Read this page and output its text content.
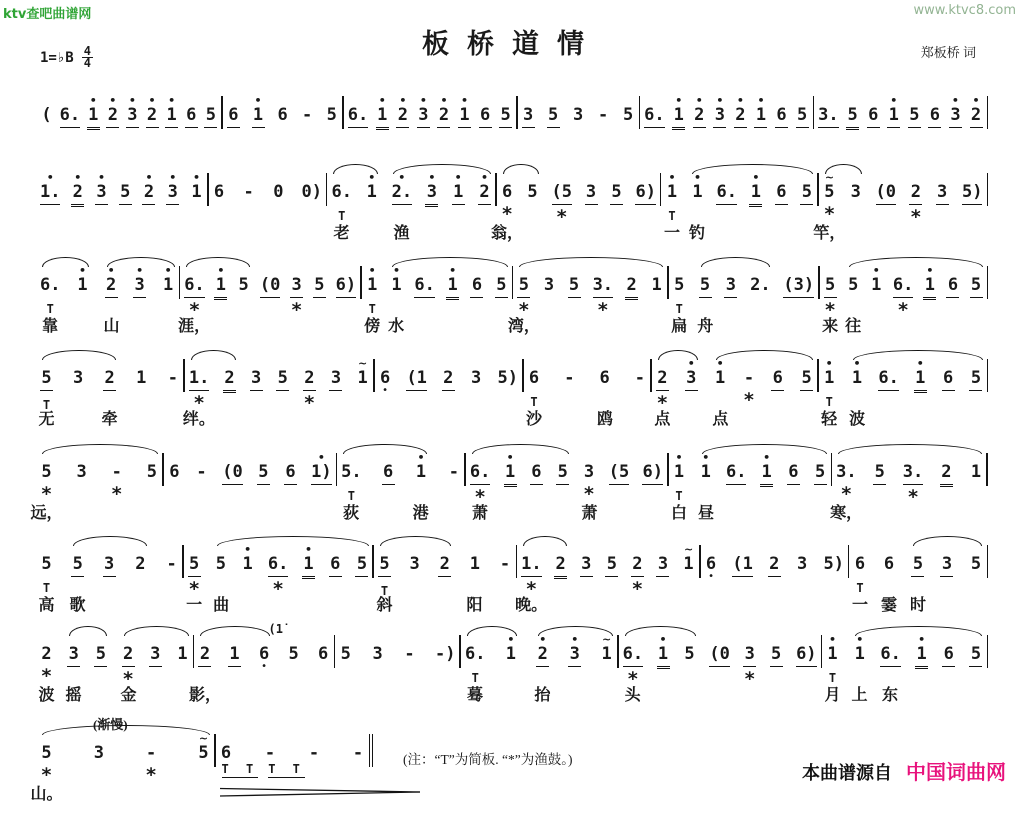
ktv查吧曲谱网	www.ktvc8.com
板桥道情	郑板桥 词
1=♭B $\frac{4}{4}$
( 6.
•
1
•
2
•
3
•
2
•
1 6 5 6
•
1 6 - 5 6.
•
1
•
2
•
3
•
2
•
1 6 5 3 5 3 - 5 6.
•
1
•
2
•
3
•
2
•
1 6 5 3. 5 6
•
1 5 6
•
3
•
2
•
1.
•
2
•
3 5
•
2
•
3
•
1 6 - 0 0) 6.
T
•
1
•
2.
•
3
•
1
•
2
老	渔
6
*
5 (5
*
3 5 6)
翁，
•
1
T
•
1 6.
•
1 6 5
一 钓
~
5
*
3 (0 2
*
3 5)
竿，
6.
T
•
1
•
2
•
3
•
1
靠	山
6.
*
•
1 5 (0 3
*
5 6)
涯，
•
1
T
•
1 6.
•
1 6 5
傍 水
5
*
3 5 3.
*
2 1
湾，
5
T
5 3 2. (3)
扁 舟
5
*
5
•
1 6.
*
•
1 6 5
来 往
5
T
3 2 1 -
无	牵
1.
*
2 3 5 2
*
3
~
1
绊。
6
•
(1 2 3 5) 6
T
- 6 -
沙	鸥
2
*
•
3
•
1 -
*
6 5
点	点
•
1
T
•
1 6.
•
1 6 5
轻 波
5
*
3 -
*
5
远，
6 - (0 5 6
•
1) 5.
T
6
•
1 -
荻	港
6.
*
•
1 6 5 3
*
(5 6)
萧	萧
•
1
T
•
1 6.
•
1 6 5
白 昼
3.
*
5 3.
*
2 1
寒，
5
T
5 3 2 -
高 歌
5
*
5
•
1 6.
*
•
1 6 5
一 曲
5
T
3 2 1 -
斜	阳
1.
*
2 3 5 2
*
3
~
1
晚。
6
•
(1 2 3 5) 6
T
6 5 3 5
一 霎 时
2
*
3 5 2
*
3 1
波 摇 金
2 1 6
•
5 6
影，
(1̇
5 3 - -) 6.
T
•
1
•
2
•
3
~
1
蓦	抬
6.
*
•
1 5 (0 3
*
5 6)
头
•
1
T
•
1 6.
•
1 6 5
月 上 东
5
*
3 -
*
~
5
(渐慢)
山。
6 - - -
T T T T
(注：“T”为简板. “*”为渔鼓。)
本曲谱源自 中国词曲网
